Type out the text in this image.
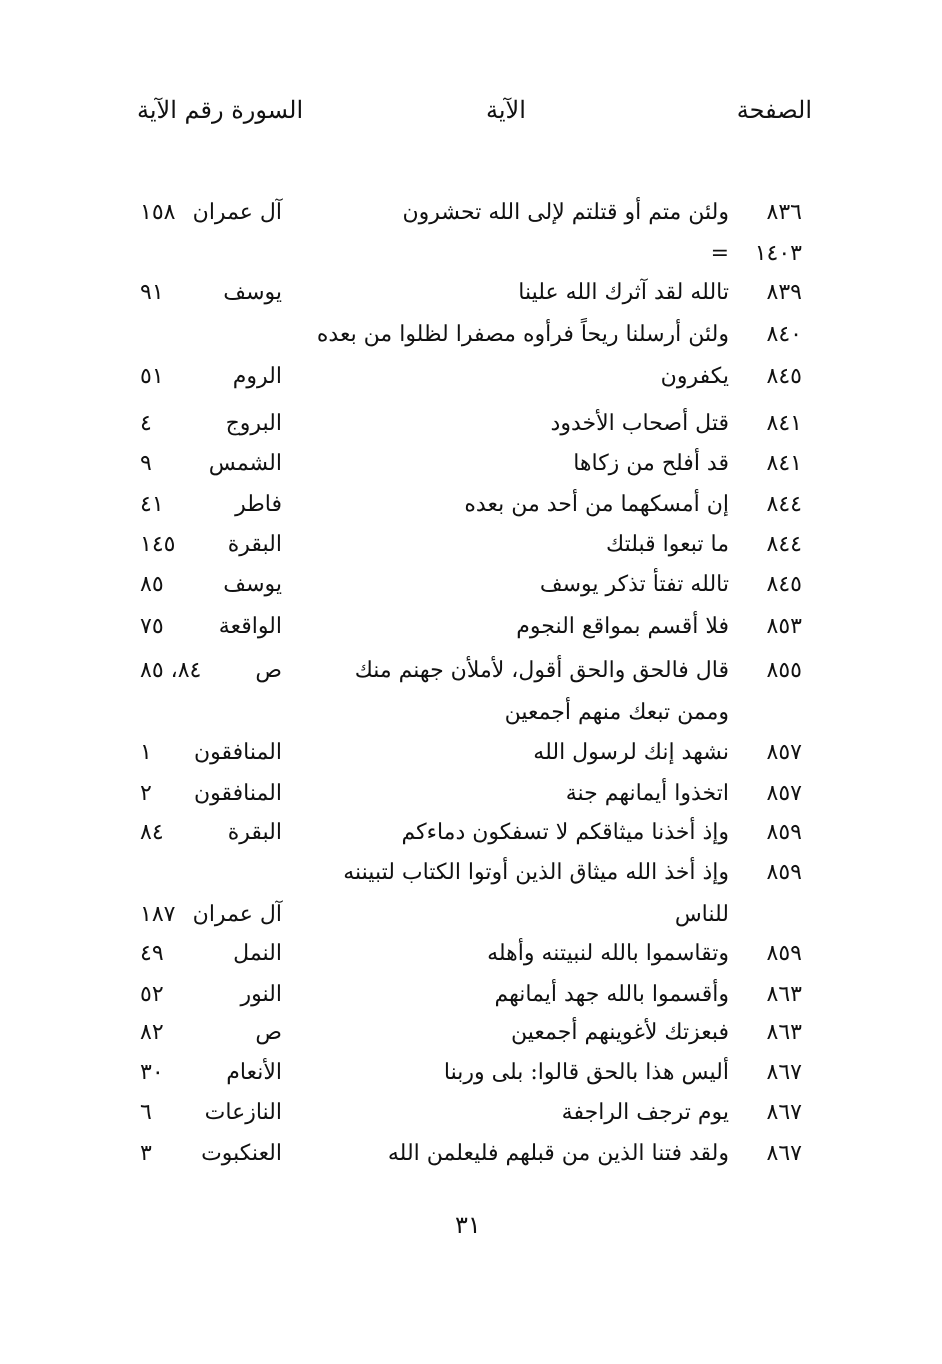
الصفحة
الآية
السورة رقم الآية
٨٣٦
ولئن متم أو قتلتم لإلى الله تحشرون
آل عمران
١٥٨
١٤٠٣
=
٨٣٩
تالله لقد آثرك الله علينا
يوسف
٩١
٨٤٠
ولئن أرسلنا ريحاً فرأوه مصفرا لظلوا من بعده
٨٤٥
يكفرون
الروم
٥١
٨٤١
قتل أصحاب الأخدود
البروج
٤
٨٤١
قد أفلح من زكاها
الشمس
٩
٨٤٤
إن أمسكهما من أحد من بعده
فاطر
٤١
٨٤٤
ما تبعوا قبلتك
البقرة
١٤٥
٨٤٥
تالله تفتأ تذكر يوسف
يوسف
٨٥
٨٥٣
فلا أقسم بمواقع النجوم
الواقعة
٧٥
٨٥٥
قال فالحق والحق أقول، لأملأن جهنم منك
ص
٨٤، ٨٥
وممن تبعك منهم أجمعين
٨٥٧
نشهد إنك لرسول الله
المنافقون
١
٨٥٧
اتخذوا أيمانهم جنة
المنافقون
٢
٨٥٩
وإذ أخذنا ميثاقكم لا تسفكون دماءكم
البقرة
٨٤
٨٥٩
وإذ أخذ الله ميثاق الذين أوتوا الكتاب لتبيننه
للناس
آل عمران
١٨٧
٨٥٩
وتقاسموا بالله لنبيتنه وأهله
النمل
٤٩
٨٦٣
وأقسموا بالله جهد أيمانهم
النور
٥٢
٨٦٣
فبعزتك لأغوينهم أجمعين
ص
٨٢
٨٦٧
أليس هذا بالحق قالوا: بلى وربنا
الأنعام
٣٠
٨٦٧
يوم ترجف الراجفة
النازعات
٦
٨٦٧
ولقد فتنا الذين من قبلهم فليعلمن الله
العنكبوت
٣
٣١
